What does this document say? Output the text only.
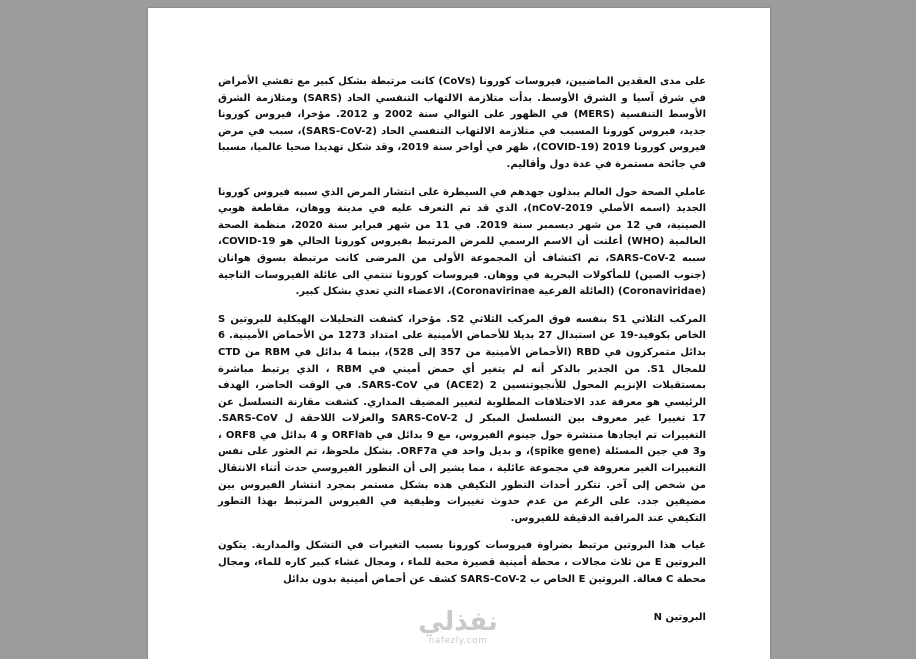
على مدى العقدين الماضيين، فيروسات كورونا (CoVs) كانت مرتبطة بشكل كبير مع تفشي الأمراض في شرق آسيا و الشرق الأوسط. بدأت متلازمة الالتهاب التنفسي الحاد (SARS) ومتلازمة الشرق الأوسط التنفسية (MERS) في الظهور على التوالي سنة 2002 و 2012. مؤخرا، فيروس كورونا جديد، فيروس كورونا المسبب في متلازمة الالتهاب التنفسي الحاد (SARS-CoV-2)، سبب في مرض فيروس كورونا 2019 (COVID-19)، ظهر في أواخر سنة 2019، وقد شكل تهديدا صحيا عالميا، مسببا في جائحة مستمرة في عدة دول وأقاليم.

عاملي الصحة حول العالم يبذلون جهدهم في السيطرة على انتشار المرض الذي سببه فيروس كورونا الجديد (اسمه الأصلي 2019-nCoV)، الذي قد تم التعرف عليه في مدينة ووهان، مقاطعة هوبي الصينية، في 12 من شهر ديسمبر سنة 2019. في 11 من شهر فبراير سنة 2020، منظمة الصحة العالمية (WHO) أعلنت أن الاسم الرسمي للمرض المرتبط بفيروس كورونا الحالي هو COVID-19، سببه SARS-CoV-2، تم اكتشاف أن المجموعة الأولى من المرضى كانت مرتبطة بسوق هوانان (جنوب الصين) للمأكولات البحرية في ووهان. فيروسات كورونا تنتمي الى عائلة الفيروسات التاجية (Coronaviridae) (العائلة الفرعية Coronavirinae)، الاعضاء التي تعدي بشكل كبير.

المركب الثلاثي S1 بنفسه فوق المركب الثلاثي S2. مؤخرا، كشفت التحليلات الهيكلية للبروتين S الخاص بكوفيد-19 عن استبدال 27 بديلا للأحماض الأمينية على امتداد 1273 من الأحماض الأمينية. 6 بدائل متمركزون في RBD (الأحماض الأمينية من 357 إلى 528)، بينما 4 بدائل في RBM من CTD للمجال S1. من الجدير بالذكر أنه لم يتغير أي حمض أميني في RBM ، الذي يرتبط مباشرة بمستقبلات الإنزيم المحول للأنجيوتنسين 2 (ACE2) في SARS-CoV. في الوقت الحاضر، الهدف الرئيسي هو معرفة عدد الاختلافات المطلوبة لتغيير المضيف المداري. كشفت مقارنة التسلسل عن 17 تغييرا غير معروف بين التسلسل المبكر ل SARS-CoV-2 والعزلات اللاحقة ل SARS-CoV. التغييرات تم ايجادها منتشرة حول جينوم الفيروس، مع 9 بدائل في ORFlab و 4 بدائل في ORF8 ، و3 في جين المسئلة (spike gene)، و بديل واحد في ORF7a. بشكل ملحوظ، تم العثور على نفس التغييرات الغير معروفة في مجموعة عائلية ، مما يشير إلى أن التطور الفيروسي حدث أثناء الانتقال من شخص إلى آخر. تتكرر أحداث التطور التكيفي هذه بشكل مستمر بمجرد انتشار الفيروس بين مضيفين جدد. على الرغم من عدم حدوث تغييرات وظيفية في الفيروس المرتبط بهذا التطور التكيفي عند المراقبة الدقيقة للفيروس.

غياب هذا البروتين مرتبط بضراوة فيروسات كورونا بسبب التغيرات في التشكل والمدارية. يتكون البروتين E من ثلاث مجالات ، محطة أمينية قصيرة محبة للماء ، ومجال غشاء كبير كاره للماء، ومجال محطة C فعالة. البروتين E الخاص ب SARS-CoV-2 كشف عن أحماض أمينية بدون بدائل

البروتين N

نفذلي
nafezly.com
